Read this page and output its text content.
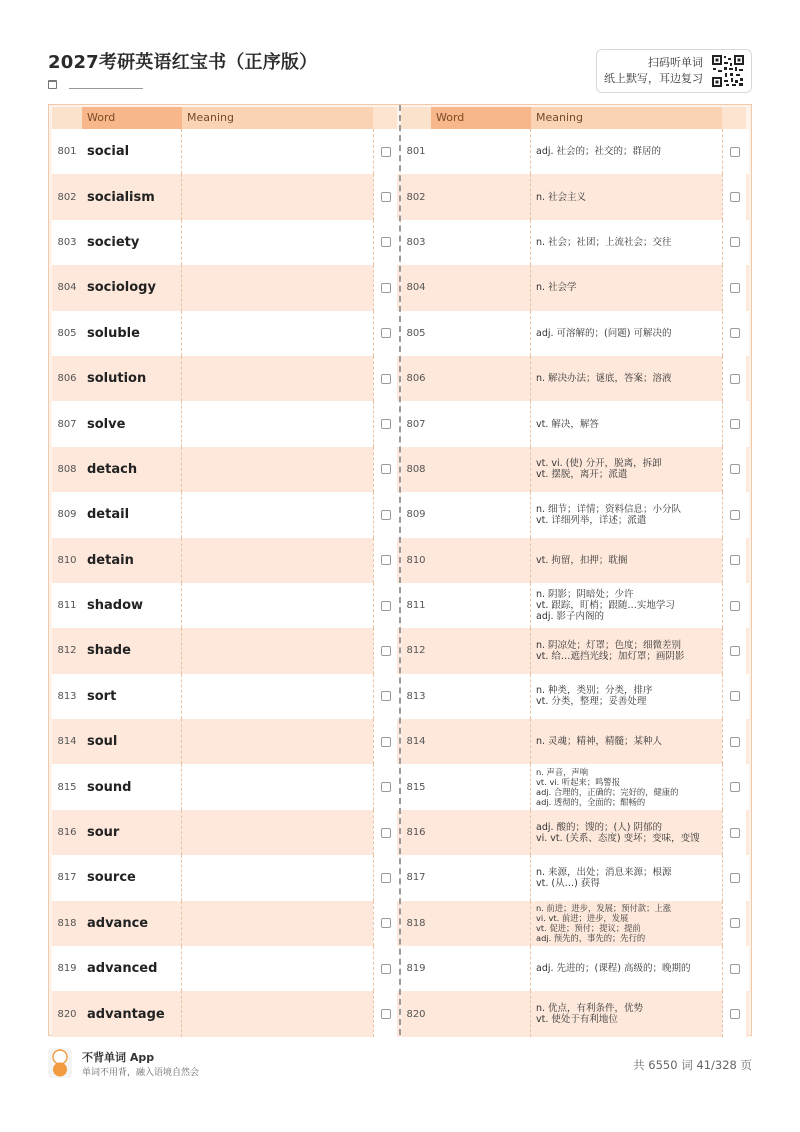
2027考研英语红宝书（正序版）	扫码听单词
纸上默写，耳边复习
Word	Meaning
801 social
802 socialism
803 society
804 sociology
805 soluble
806 solution
807 solve
808 detach
809 detail
810 detain
811 shadow
812 shade
813 sort
814 soul
815 sound
816 sour
817 source
818 advance
819 advanced
820 advantage
Word	Meaning
801	adj. 社会的；社交的；群居的
802	n. 社会主义
803	n. 社会；社团；上流社会；交往
804	n. 社会学
805	adj. 可溶解的；(问题) 可解决的
806	n. 解决办法；谜底，答案；溶液
807	vt. 解决，解答
808	vt. vi. (使) 分开，脱离，拆卸
vt. 摆脱，离开；派遣
809	n. 细节；详情；资料信息；小分队
vt. 详细列举，详述；派遣
810	vt. 拘留，扣押；耽搁
811
n. 阴影；阴暗处；少许
vt. 跟踪，盯梢；跟随…实地学习
adj. 影子内阁的
812	n. 阴凉处；灯罩；色度；细微差别
vt. 给…遮挡光线；加灯罩；画阴影
813	n. 种类，类别；分类，排序
vt. 分类，整理；妥善处理
814	n. 灵魂；精神，精髓；某种人
815
n. 声音，声响
vt. vi. 听起来；鸣警报
adj. 合理的，正确的；完好的，健康的
adj. 透彻的，全面的；酣畅的
816	adj. 酸的；馊的；(人) 阴郁的
vi. vt. (关系、态度) 变坏；变味，变馊
817	n. 来源，出处；消息来源；根源
vt. (从…) 获得
818
n. 前进；进步，发展；预付款；上涨
vi. vt. 前进；进步，发展
vt. 促进；预付；提议；提前
adj. 预先的，事先的；先行的
819	adj. 先进的；(课程) 高级的；晚期的
820	n. 优点，有利条件，优势
vt. 使处于有利地位
不背单词 App
单词不用背，融入语境自然会
共 6550 词 41/328 页
